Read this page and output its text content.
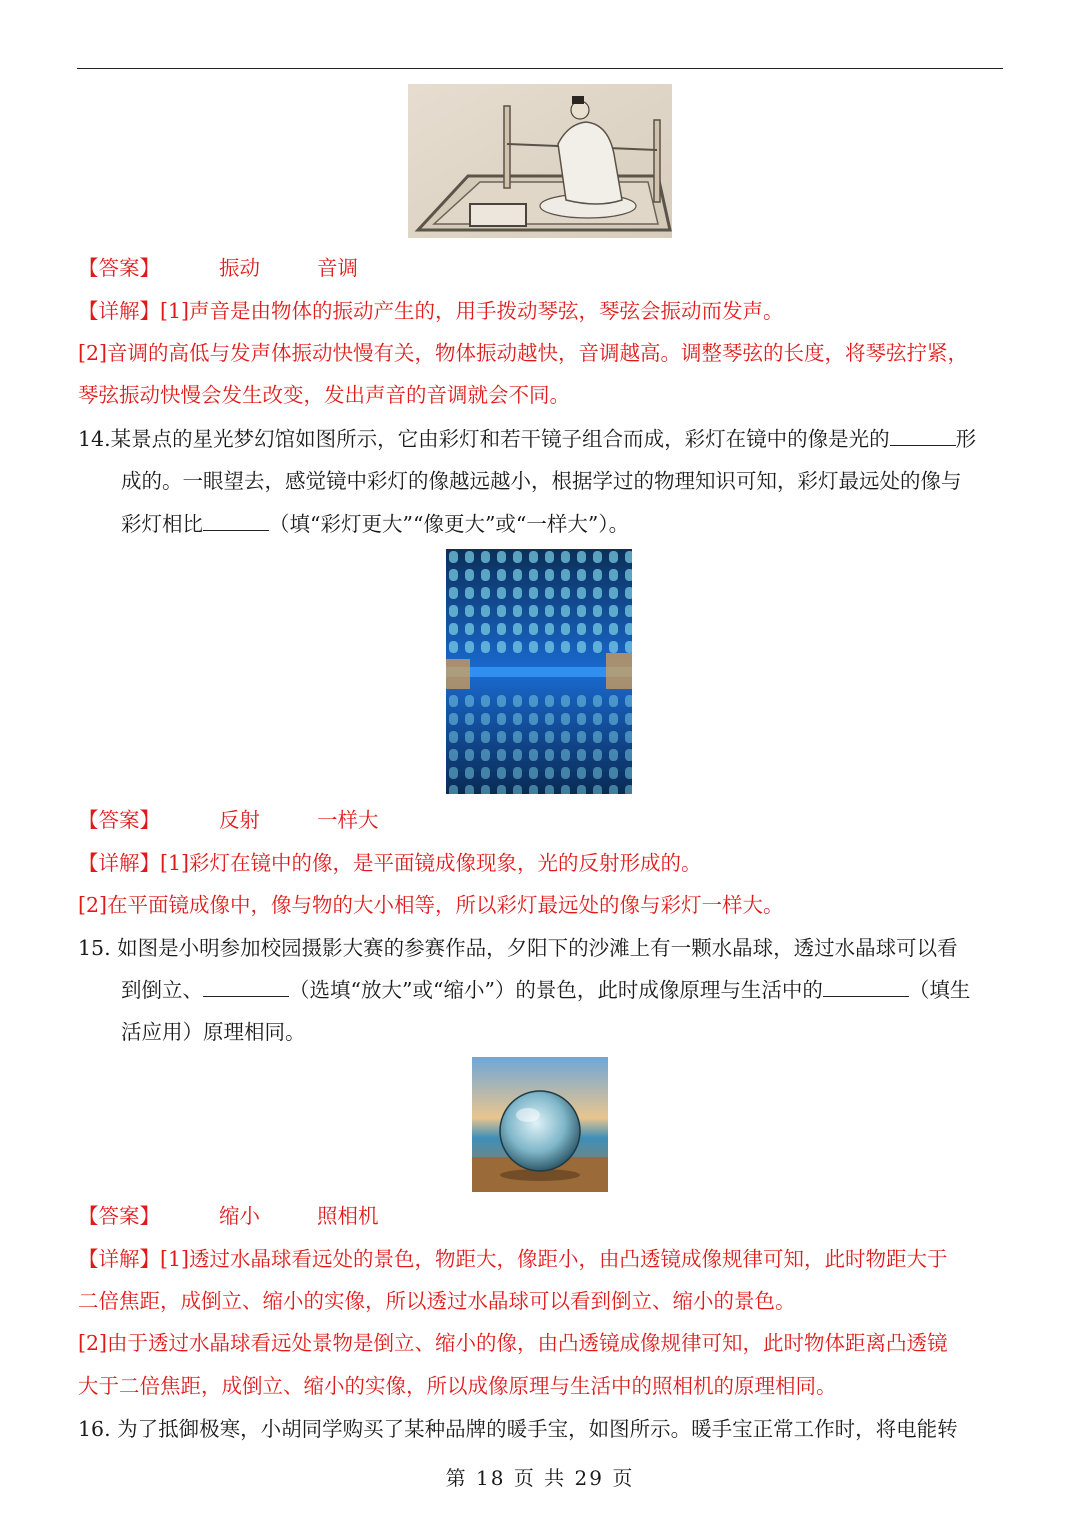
【答案】	振动	音调
【详解】[1]声音是由物体的振动产生的，用手拨动琴弦，琴弦会振动而发声。
[2]音调的高低与发声体振动快慢有关，物体振动越快，音调越高。调整琴弦的长度，将琴弦拧紧，
琴弦振动快慢会发生改变，发出声音的音调就会不同。
14.某景点的星光梦幻馆如图所示，它由彩灯和若干镜子组合而成，彩灯在镜中的像是光的	形
成的。一眼望去，感觉镜中彩灯的像越远越小，根据学过的物理知识可知，彩灯最远处的像与
彩灯相比	（填“彩灯更大”“像更大”或“一样大”）。
【答案】	反射	一样大
【详解】[1]彩灯在镜中的像，是平面镜成像现象，光的反射形成的。
[2]在平面镜成像中，像与物的大小相等，所以彩灯最远处的像与彩灯一样大。
15. 如图是小明参加校园摄影大赛的参赛作品，夕阳下的沙滩上有一颗水晶球，透过水晶球可以看
到倒立、	（选填“放大”或“缩小”）的景色，此时成像原理与生活中的	（填生
活应用）原理相同。
【答案】	缩小	照相机
【详解】[1]透过水晶球看远处的景色，物距大，像距小，由凸透镜成像规律可知，此时物距大于
二倍焦距，成倒立、缩小的实像，所以透过水晶球可以看到倒立、缩小的景色。
[2]由于透过水晶球看远处景物是倒立、缩小的像，由凸透镜成像规律可知，此时物体距离凸透镜
大于二倍焦距，成倒立、缩小的实像，所以成像原理与生活中的照相机的原理相同。
16. 为了抵御极寒，小胡同学购买了某种品牌的暖手宝，如图所示。暖手宝正常工作时，将电能转
第 18 页 共 29 页
